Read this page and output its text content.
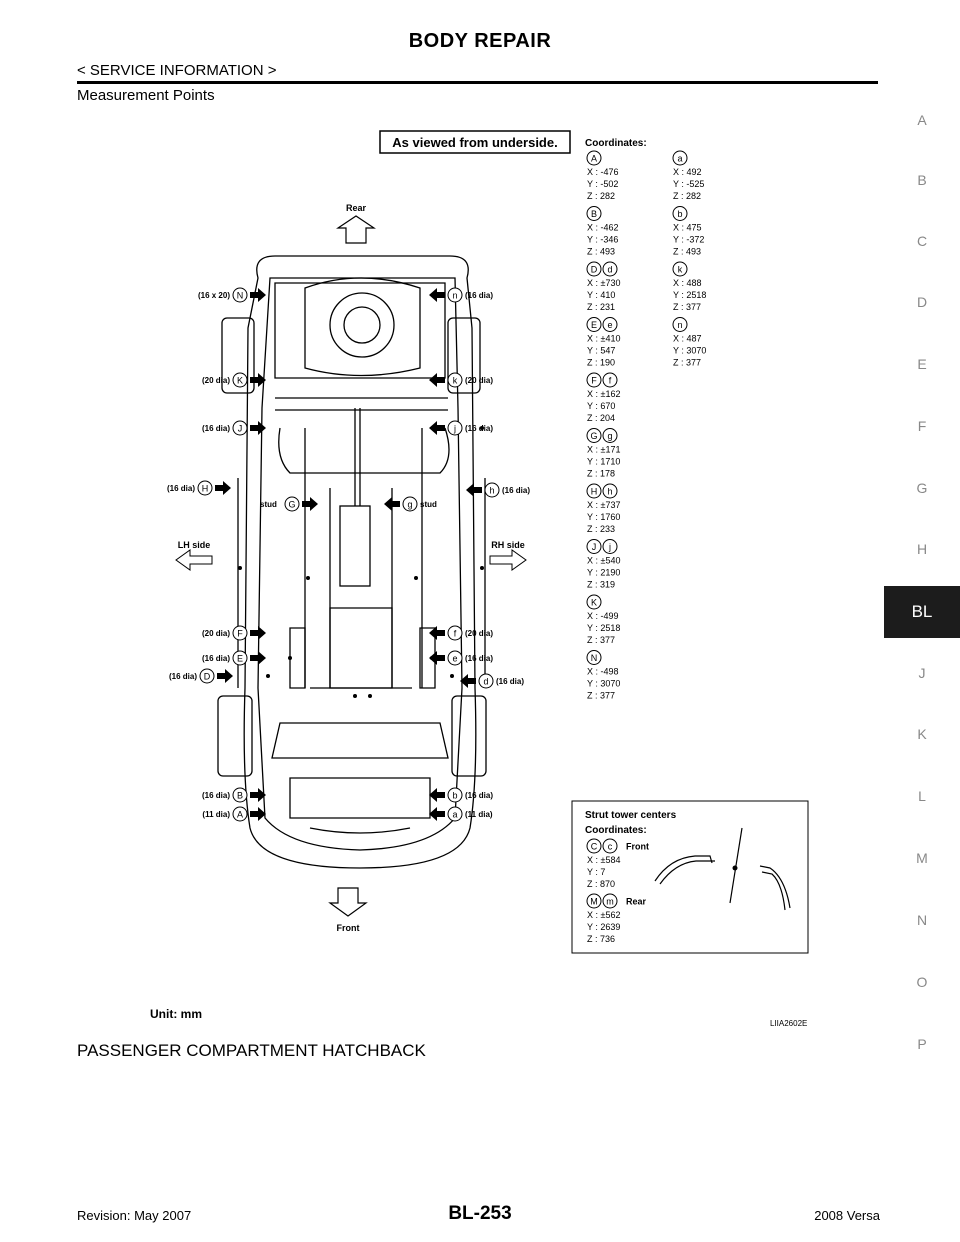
BODY REPAIR
< SERVICE INFORMATION >
Measurement Points
A
B
C
D
E
F
G
H
BL
J
K
L
M
N
O
P
As viewed from underside.
Rear
Front
LH side	RH side
(16 x 20) N
(20 dia) K
(16 dia) J
(16 dia) H
stud G
(20 dia) F
(16 dia) E
(16 dia) D
(16 dia) B
(11 dia) A
(16 dia)
n
(20 dia)
k
(16 dia)
j
(16 dia)
h
stud
g
(20 dia)
f
(16 dia)
e
(16 dia)
d
(16 dia)
b
(11 dia)
a
Coordinates:
A
X : -476
Y : -502
Z : 282
B
X : -462
Y : -346
Z : 493
D d
X : ±730
Y : 410
Z : 231
E e
X : ±410
Y : 547
Z : 190
F f
X : ±162
Y : 670
Z : 204
G g
X : ±171
Y : 1710
Z : 178
H h
X : ±737
Y : 1760
Z : 233
J j
X : ±540
Y : 2190
Z : 319
K
X : -499
Y : 2518
Z : 377
N
X : -498
Y : 3070
Z : 377
a
X : 492
Y : -525
Z : 282
b
X : 475
Y : -372
Z : 493
k
X : 488
Y : 2518
Z : 377
n
X : 487
Y : 3070
Z : 377
Strut tower centers
Coordinates:
C c Front
X : ±584
Y : 7
Z : 870
M m Rear
X : ±562
Y : 2639
Z : 736
Unit: mm
LIIA2602E
PASSENGER COMPARTMENT HATCHBACK
Revision: May 2007	BL-253	2008 Versa
